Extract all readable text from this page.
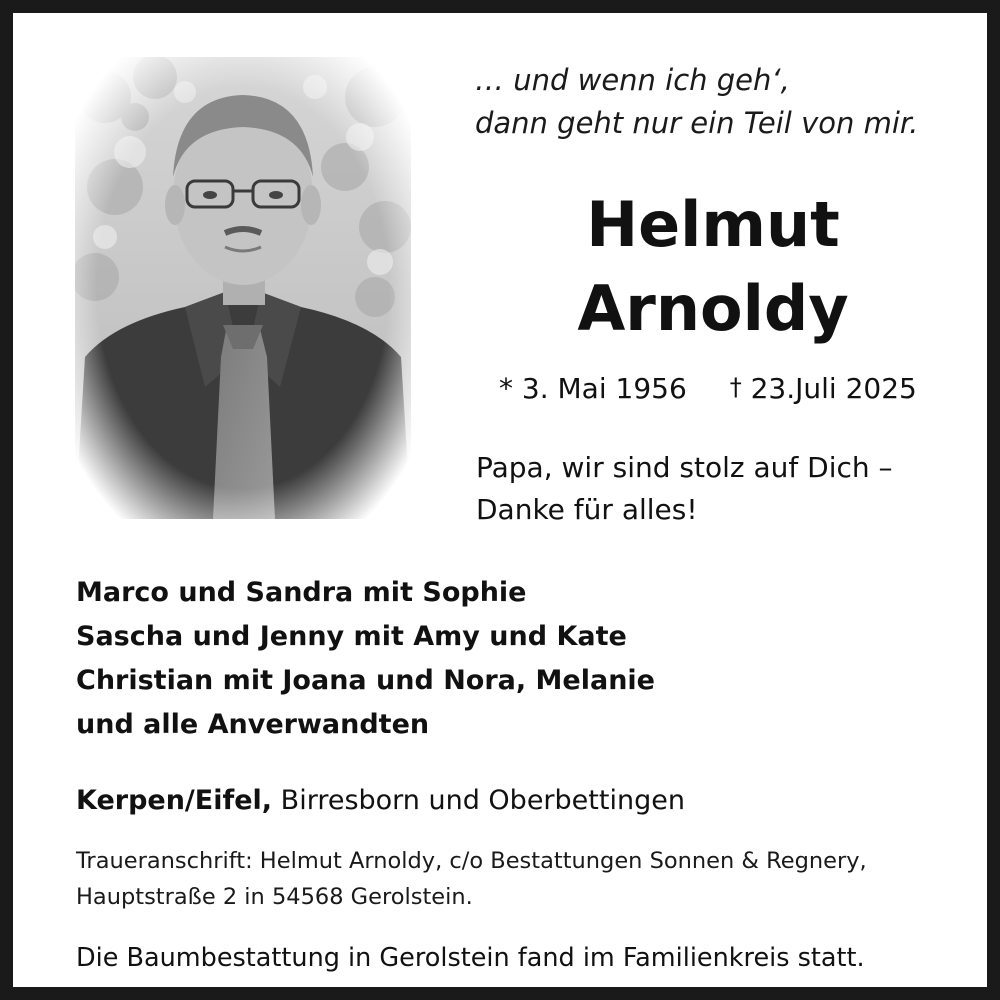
… und wenn ich geh‘,
dann geht nur ein Teil von mir.
Helmut
Arnoldy
* 3. Mai 1956 † 23.Juli 2025
Papa, wir sind stolz auf Dich –
Danke für alles!
Marco und Sandra mit Sophie
Sascha und Jenny mit Amy und Kate
Christian mit Joana und Nora, Melanie
und alle Anverwandten
Kerpen/Eifel, Birresborn und Oberbettingen
Traueranschrift: Helmut Arnoldy, c/o Bestattungen Sonnen & Regnery,
Hauptstraße 2 in 54568 Gerolstein.
Die Baumbestattung in Gerolstein fand im Familienkreis statt.
